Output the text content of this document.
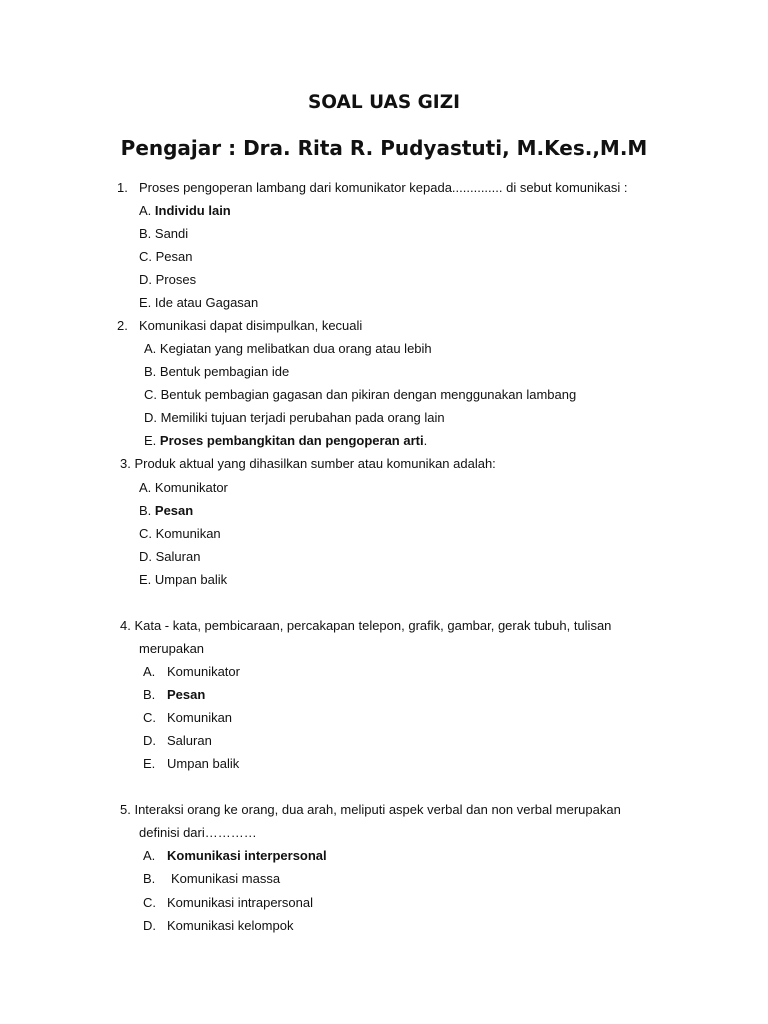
SOAL UAS GIZI
Pengajar : Dra. Rita R. Pudyastuti, M.Kes.,M.M
1. Proses pengoperan lambang dari komunikator kepada.............. di sebut komunikasi :
A. Individu lain
B. Sandi
C. Pesan
D. Proses
E. Ide atau Gagasan
2. Komunikasi dapat disimpulkan, kecuali
A. Kegiatan yang melibatkan dua orang atau lebih
B. Bentuk pembagian ide
C. Bentuk pembagian gagasan dan pikiran dengan menggunakan lambang
D. Memiliki tujuan terjadi perubahan pada orang lain
E. Proses pembangkitan dan pengoperan arti.
3. Produk aktual yang dihasilkan sumber atau komunikan adalah:
A. Komunikator
B. Pesan
C. Komunikan
D. Saluran
E. Umpan balik
4. Kata - kata, pembicaraan, percakapan telepon, grafik, gambar, gerak tubuh, tulisan
merupakan
A. Komunikator
B. Pesan
C. Komunikan
D. Saluran
E. Umpan balik
5. Interaksi orang ke orang, dua arah, meliputi aspek verbal dan non verbal merupakan
definisi dari…………
A. Komunikasi interpersonal
B. Komunikasi massa
C. Komunikasi intrapersonal
D. Komunikasi kelompok
